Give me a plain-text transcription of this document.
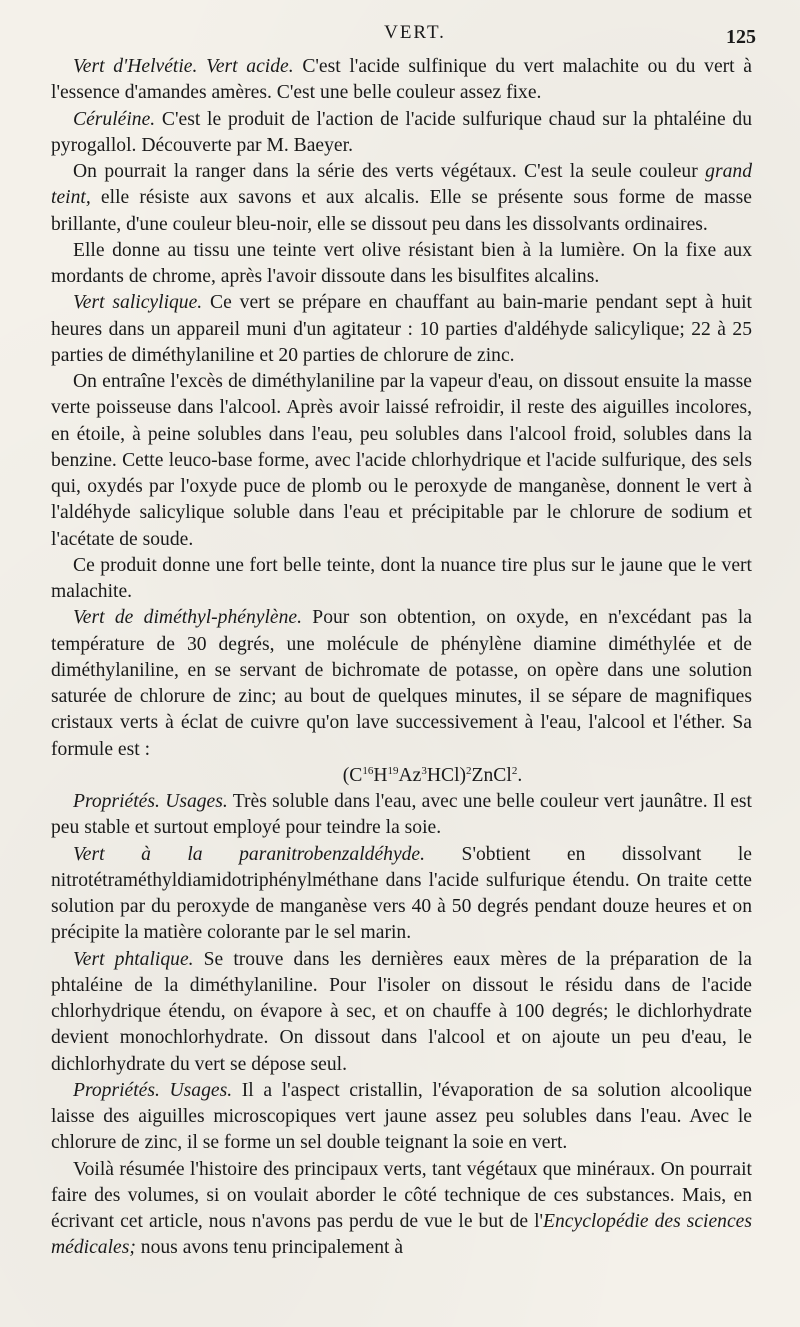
VERT.	125

Vert d'Helvétie. Vert acide. C'est l'acide sulfinique du vert malachite ou du vert à l'essence d'amandes amères. C'est une belle couleur assez fixe.

Céruléine. C'est le produit de l'action de l'acide sulfurique chaud sur la phtaléine du pyrogallol. Découverte par M. Baeyer.

On pourrait la ranger dans la série des verts végétaux. C'est la seule couleur grand teint, elle résiste aux savons et aux alcalis. Elle se présente sous forme de masse brillante, d'une couleur bleu-noir, elle se dissout peu dans les dissolvants ordinaires.

Elle donne au tissu une teinte vert olive résistant bien à la lumière. On la fixe aux mordants de chrome, après l'avoir dissoute dans les bisulfites alcalins.

Vert salicylique. Ce vert se prépare en chauffant au bain-marie pendant sept à huit heures dans un appareil muni d'un agitateur : 10 parties d'aldéhyde salicylique; 22 à 25 parties de diméthylaniline et 20 parties de chlorure de zinc.

On entraîne l'excès de diméthylaniline par la vapeur d'eau, on dissout ensuite la masse verte poisseuse dans l'alcool. Après avoir laissé refroidir, il reste des aiguilles incolores, en étoile, à peine solubles dans l'eau, peu solubles dans l'alcool froid, solubles dans la benzine. Cette leuco-base forme, avec l'acide chlorhydrique et l'acide sulfurique, des sels qui, oxydés par l'oxyde puce de plomb ou le peroxyde de manganèse, donnent le vert à l'aldéhyde salicylique soluble dans l'eau et précipitable par le chlorure de sodium et l'acétate de soude.

Ce produit donne une fort belle teinte, dont la nuance tire plus sur le jaune que le vert malachite.

Vert de diméthyl-phénylène. Pour son obtention, on oxyde, en n'excédant pas la température de 30 degrés, une molécule de phénylène diamine diméthylée et de diméthylaniline, en se servant de bichromate de potasse, on opère dans une solution saturée de chlorure de zinc; au bout de quelques minutes, il se sépare de magnifiques cristaux verts à éclat de cuivre qu'on lave successivement à l'eau, l'alcool et l'éther. Sa formule est :

$(C^{16}H^{19}Az^3HCl)^2ZnCl^2$.

Propriétés. Usages. Très soluble dans l'eau, avec une belle couleur vert jaunâtre. Il est peu stable et surtout employé pour teindre la soie.

Vert à la paranitrobenzaldéhyde. S'obtient en dissolvant le nitrotétraméthyldiamidotriphénylméthane dans l'acide sulfurique étendu. On traite cette solution par du peroxyde de manganèse vers 40 à 50 degrés pendant douze heures et on précipite la matière colorante par le sel marin.

Vert phtalique. Se trouve dans les dernières eaux mères de la préparation de la phtaléine de la diméthylaniline. Pour l'isoler on dissout le résidu dans de l'acide chlorhydrique étendu, on évapore à sec, et on chauffe à 100 degrés; le dichlorhydrate devient monochlorhydrate. On dissout dans l'alcool et on ajoute un peu d'eau, le dichlorhydrate du vert se dépose seul.

Propriétés. Usages. Il a l'aspect cristallin, l'évaporation de sa solution alcoolique laisse des aiguilles microscopiques vert jaune assez peu solubles dans l'eau. Avec le chlorure de zinc, il se forme un sel double teignant la soie en vert.

Voilà résumée l'histoire des principaux verts, tant végétaux que minéraux. On pourrait faire des volumes, si on voulait aborder le côté technique de ces substances. Mais, en écrivant cet article, nous n'avons pas perdu de vue le but de l'Encyclopédie des sciences médicales; nous avons tenu principalement à
